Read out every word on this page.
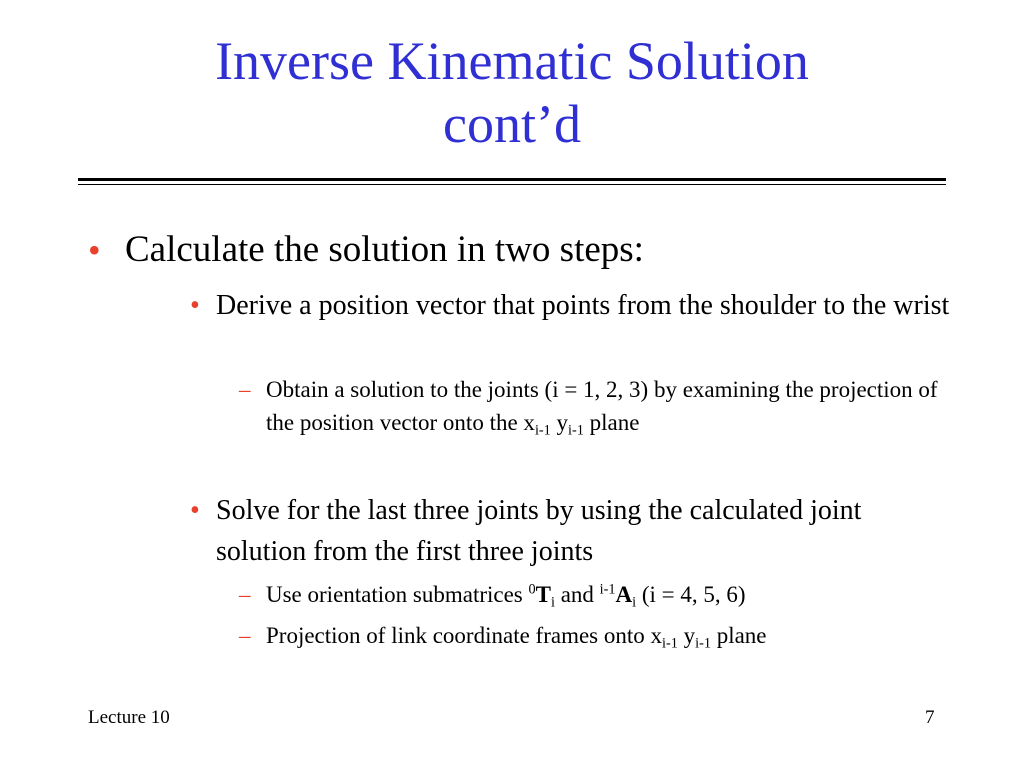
Inverse Kinematic Solution
cont’d
• Calculate the solution in two steps:
• Derive a position vector that points from the shoulder to the wrist
– Obtain a solution to the joints (i = 1, 2, 3) by examining the projection of the position vector onto the $x_{i-1}$ $y_{i-1}$ plane
• Solve for the last three joints by using the calculated joint solution from the first three joints
– Use orientation submatrices $^0T_i$ and $^{i-1}A_i$ (i = 4, 5, 6)
– Projection of link coordinate frames onto $x_{i-1}$ $y_{i-1}$ plane
Lecture 10	7
